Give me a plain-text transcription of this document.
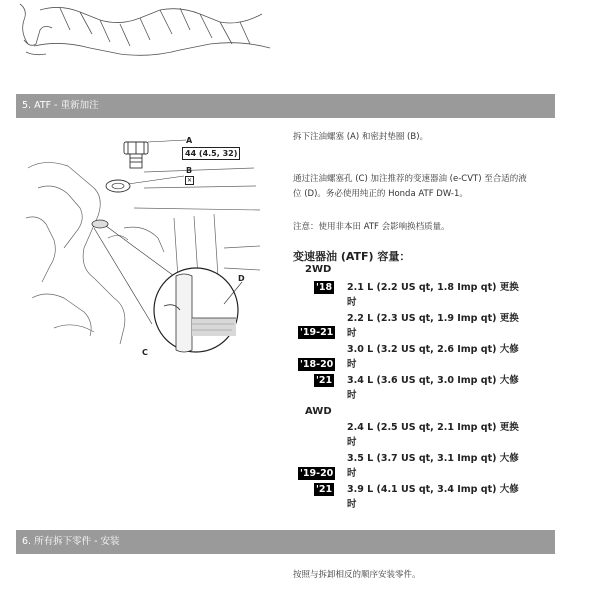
5. ATF - 重新加注
A
44 (4.5, 32)
B
✕
D
C
拆下注油螺塞 (A) 和密封垫圈 (B)。
通过注油螺塞孔 (C) 加注推荐的变速器油 (e-CVT) 至合适的液
位 (D)。务必使用纯正的 Honda ATF DW-1。
注意：使用非本田 ATF 会影响换档质量。
变速器油 (ATF) 容量：
2WD
AWD
'18
'19-21
'18-20
'21
'19-20
'21
2.1 L (2.2 US qt, 1.8 Imp qt) 更换
时
2.2 L (2.3 US qt, 1.9 Imp qt) 更换
时
3.0 L (3.2 US qt, 2.6 Imp qt) 大修
时
3.4 L (3.6 US qt, 3.0 Imp qt) 大修
时
2.4 L (2.5 US qt, 2.1 Imp qt) 更换
时
3.5 L (3.7 US qt, 3.1 Imp qt) 大修
时
3.9 L (4.1 US qt, 3.4 Imp qt) 大修
时
6. 所有拆下零件 - 安装
按照与拆卸相反的顺序安装零件。
